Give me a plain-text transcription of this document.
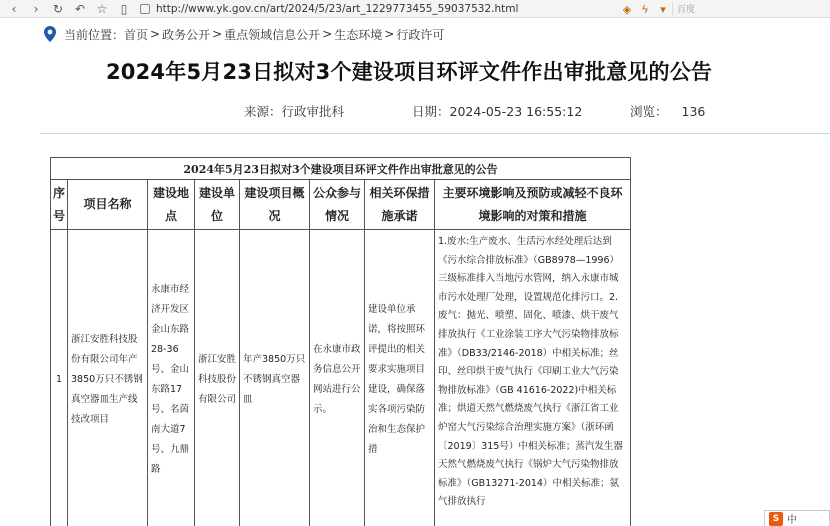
‹	›	↻ ↶ ☆	▯	http://www.yk.gov.cn/art/2024/5/23/art_1229773455_59037532.html	◈ ϟ	▾	百度
当前位置： 首页 > 政务公开 > 重点领域信息公开 > 生态环境 > 行政许可
2024年5月23日拟对3个建设项目环评文件作出审批意见的公告
来源：行政审批科	日期：2024-05-23 16:55:12	浏览： 136
2024年5月23日拟对3个建设项目环评文件作出审批意见的公告							
序号	项目名称	建设地点	建设单位	建设项目概况	公众参与情况	相关环保措施承诺	主要环境影响及预防或减轻不良环境影响的对策和措施
1	浙江安胜科技股份有限公司年产3850万只不锈钢真空器皿生产线技改项目	永康市经济开发区金山东路28-36号、金山东路17号、名茵南大道7号、九鼎路	浙江安胜科技股份有限公司	年产3850万只不锈钢真空器皿	在永康市政务信息公开网站进行公示。	建设单位承诺，将按照环评提出的相关要求实施项目建设，确保落实各项污染防治和生态保护措	1.废水:生产废水、生活污水经处理后达到《污水综合排放标准》（GB8978—1996）三级标准排入当地污水管网，纳入永康市城市污水处理厂处理，设置规范化排污口。2.废气：抛光、喷塑、固化、喷漆、烘干废气排放执行《工业涂装工序大气污染物排放标准》（DB33/2146-2018）中相关标准；丝印、丝印烘干废气执行《印刷工业大气污染物排放标准》（GB 41616-2022)中相关标准；烘道天然气燃烧废气执行《浙江省工业炉窑大气污染综合治理实施方案》（浙环函〔2019〕315号）中相关标准；蒸汽发生器天然气燃烧废气执行《锅炉大气污染物排放标准》（GB13271-2014）中相关标准；氨气排放执行
S 中
